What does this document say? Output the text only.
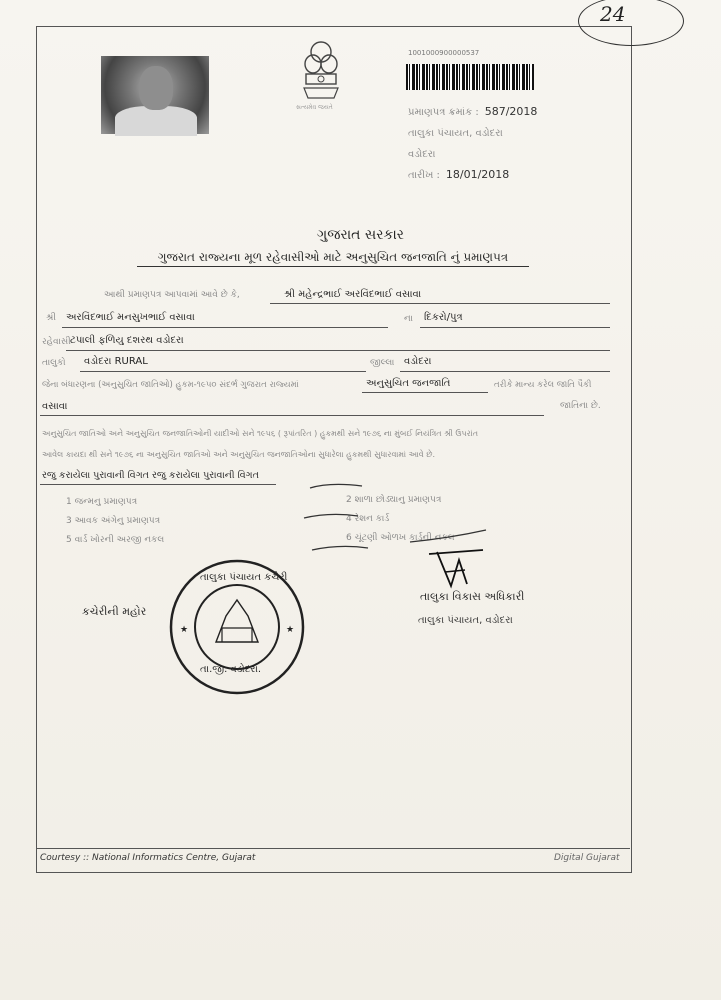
24
સત્યમેવ જયતે
1001000900000537
પ્રમાણપત્ર ક્રમાંક : 587/2018
તાલુકા પંચાયત, વડોદરા
વડોદરા
તારીખ : 18/01/2018
ગુજરાત સરકાર
ગુજરાત રાજ્યના મૂળ રહેવાસીઓ માટે અનુસુચિત જનજાતિ નું પ્રમાણપત્ર
આથી પ્રમાણપત્ર આપવામાં આવે છે કે,	શ્રી મહેન્દ્રભાઈ અરવિંદભાઈ વસાવા
શ્રી અરવિંદભાઈ મનસુખભાઈ વસાવા	ના દિકરો/પુત્ર
રહેવાસી ટપાલી ફળિયુ દશરથ વડોદરા
તાલુકો વડોદરા RURAL	જીલ્લા વડોદરા
જેના બંધારણના (અનુસુચિત જાતિઓ) હુકમ-૧૯૫૦ સંદર્ભ ગુજરાત રાજ્યમાં	અનુસુચિત જનજાતિ	તરીકે માન્ય કરેલ જાતિ પૈકી
વસાવા	જાતિના છે.
અનુસુચિત જાતિઓ અને અનુસુચિત જનજાતિઓની યાદીઓ સને ૧૯૫૬ ( રૂપાંતરિત ) હુકમથી સને ૧૯૭૬ ના મુંબઈ નિયંત્રિત શ્રી ઉપરાંત
આવેલ કાયદા થી સને ૧૯૭૬ ના અનુસુચિત જાતિઓ અને અનુસુચિત જનજાતિઓના સુધારેલા હુકમથી સુધારવામાં આવે છે.
રજુ કરાયેલા પુરાવાની વિગત રજુ કરાયેલા પુરાવાની વિગત
1 જન્મનુ પ્રમાણપત્ર	2 શાળા છોડ્યાનુ પ્રમાણપત્ર
3 આવક અંગેનુ પ્રમાણપત્ર	4 રેશન કાર્ડ
5 વાર્ડ ખોરની અરજી નકલ	6 ચૂંટણી ઓળખ કાર્ડની નકલ
★	★
તાલુકા પંચાયત કચેરી
તા.જી. વડોદરા.
કચેરીની મહોર
તાલુકા વિકાસ અધિકારી
તાલુકા પંચાયત, વડોદરા
Courtesy :: National Informatics Centre, Gujarat	Digital Gujarat
